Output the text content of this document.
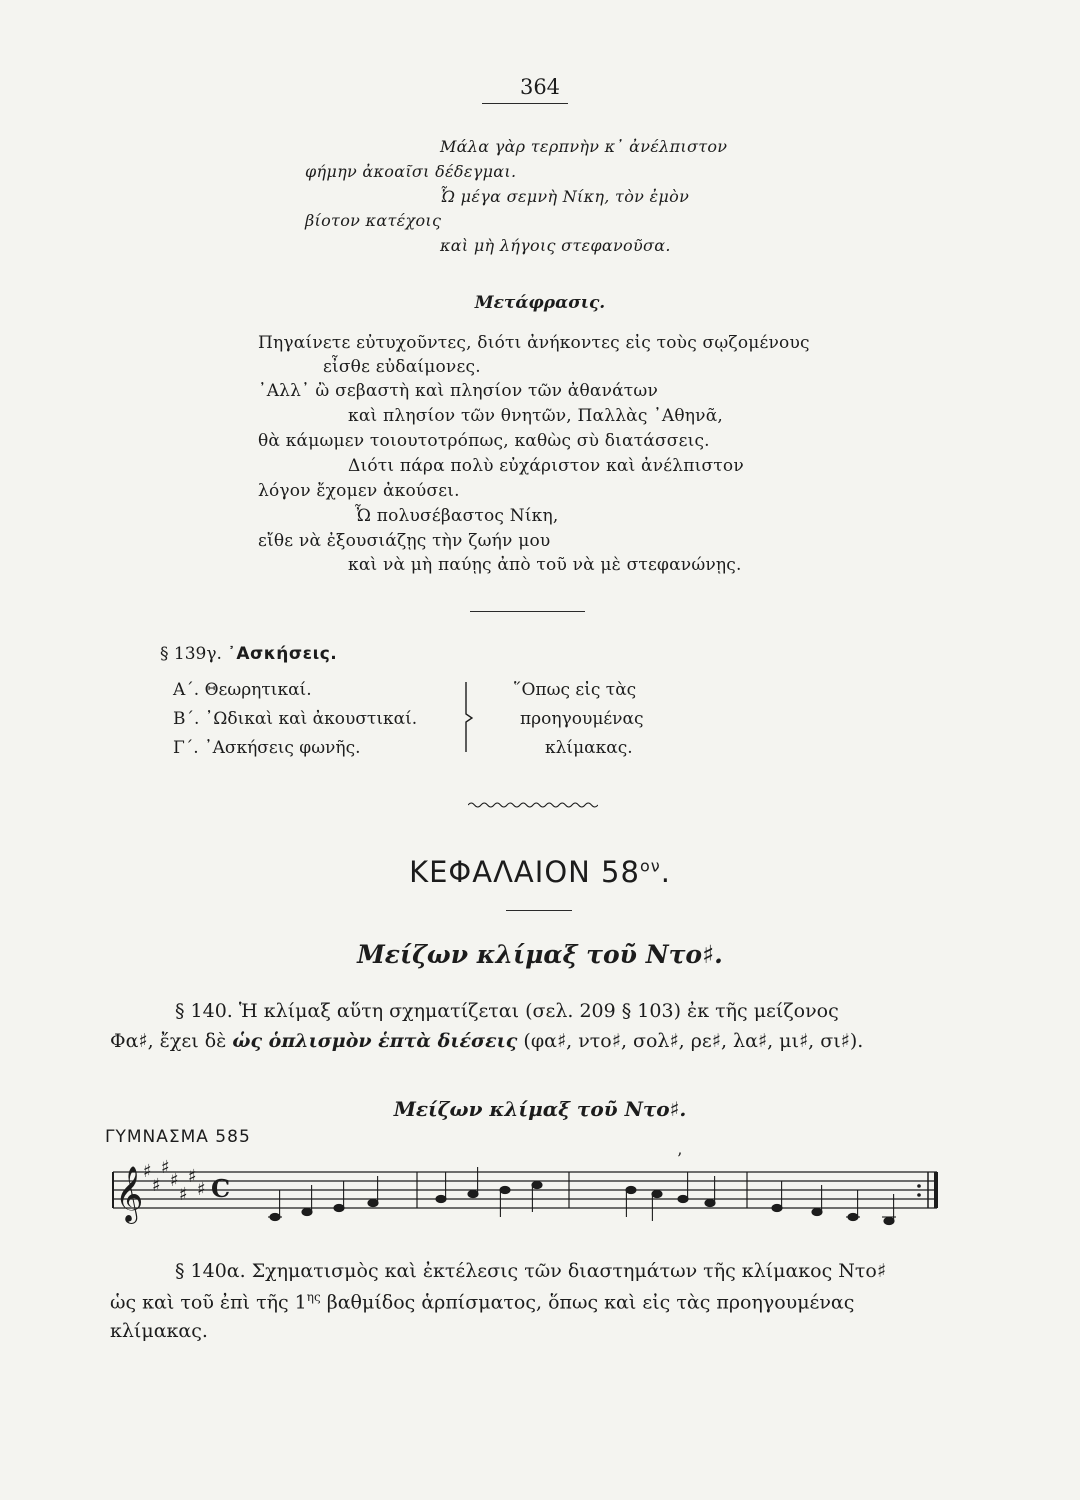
364
Μάλα γὰρ τερπνὴν κ᾿ ἀνέλπιστον
φήμην ἀκοαῖσι δέδεγμαι.
Ὦ μέγα σεμνὴ Νίκη, τὸν ἐμὸν
βίοτον κατέχοις
καὶ μὴ λήγοις στεφανοῦσα.
Μετάφρασις.
Πηγαίνετε εὐτυχοῦντες, διότι ἀνήκοντες εἰς τοὺς σῳζομένους
εἶσθε εὐδαίμονες.
᾿Αλλ᾿ ὢ σεβαστὴ καὶ πλησίον τῶν ἀθανάτων
καὶ πλησίον τῶν θνητῶν, Παλλὰς ᾿Αθηνᾶ,
θὰ κάμωμεν τοιουτοτρόπως, καθὼς σὺ διατάσσεις.
Διότι πάρα πολὺ εὐχάριστον καὶ ἀνέλπιστον
λόγον ἔχομεν ἀκούσει.
Ὦ πολυσέβαστος Νίκη,
εἴθε νὰ ἐξουσιάζῃς τὴν ζωήν μου
καὶ νὰ μὴ παύῃς ἀπὸ τοῦ νὰ μὲ στεφανώνῃς.
§ 139γ. ᾿Ασκήσεις.
Α΄. Θεωρητικαί.
Β΄. ᾿Ωδικαὶ καὶ ἀκουστικαί.
Γ΄. ᾿Ασκήσεις φωνῆς.
῞Οπως εἰς τὰς
προηγουμένας
κλίμακας.
ΚΕΦΑΛΑΙΟΝ $58^{o\nu}$.
Μείζων κλίμαξ τοῦ Ντο♯.
§ 140. Ἡ κλίμαξ αὕτη σχηματίζεται (σελ. 209 § 103) ἐκ τῆς μείζονος
Φα♯, ἔχει δὲ ὡς ὁπλισμὸν ἑπτὰ διέσεις (φα♯, ντο♯, σολ♯, ρε♯, λα♯, μι♯, σι♯).
Μείζων κλίμαξ τοῦ Ντο♯.
ΓΥΜΝΑΣΜΑ 585
𝄞 ♯
♯
♯
♯
♯
♯
♯ C
’
§ 140α. Σχηματισμὸς καὶ ἐκτέλεσις τῶν διαστημάτων τῆς κλίμακος Ντο♯
ὡς καὶ τοῦ ἐπὶ τῆς $1^{\eta\varsigma}$ βαθμίδος ἁρπίσματος, ὅπως καὶ εἰς τὰς προηγουμένας
κλίμακας.
